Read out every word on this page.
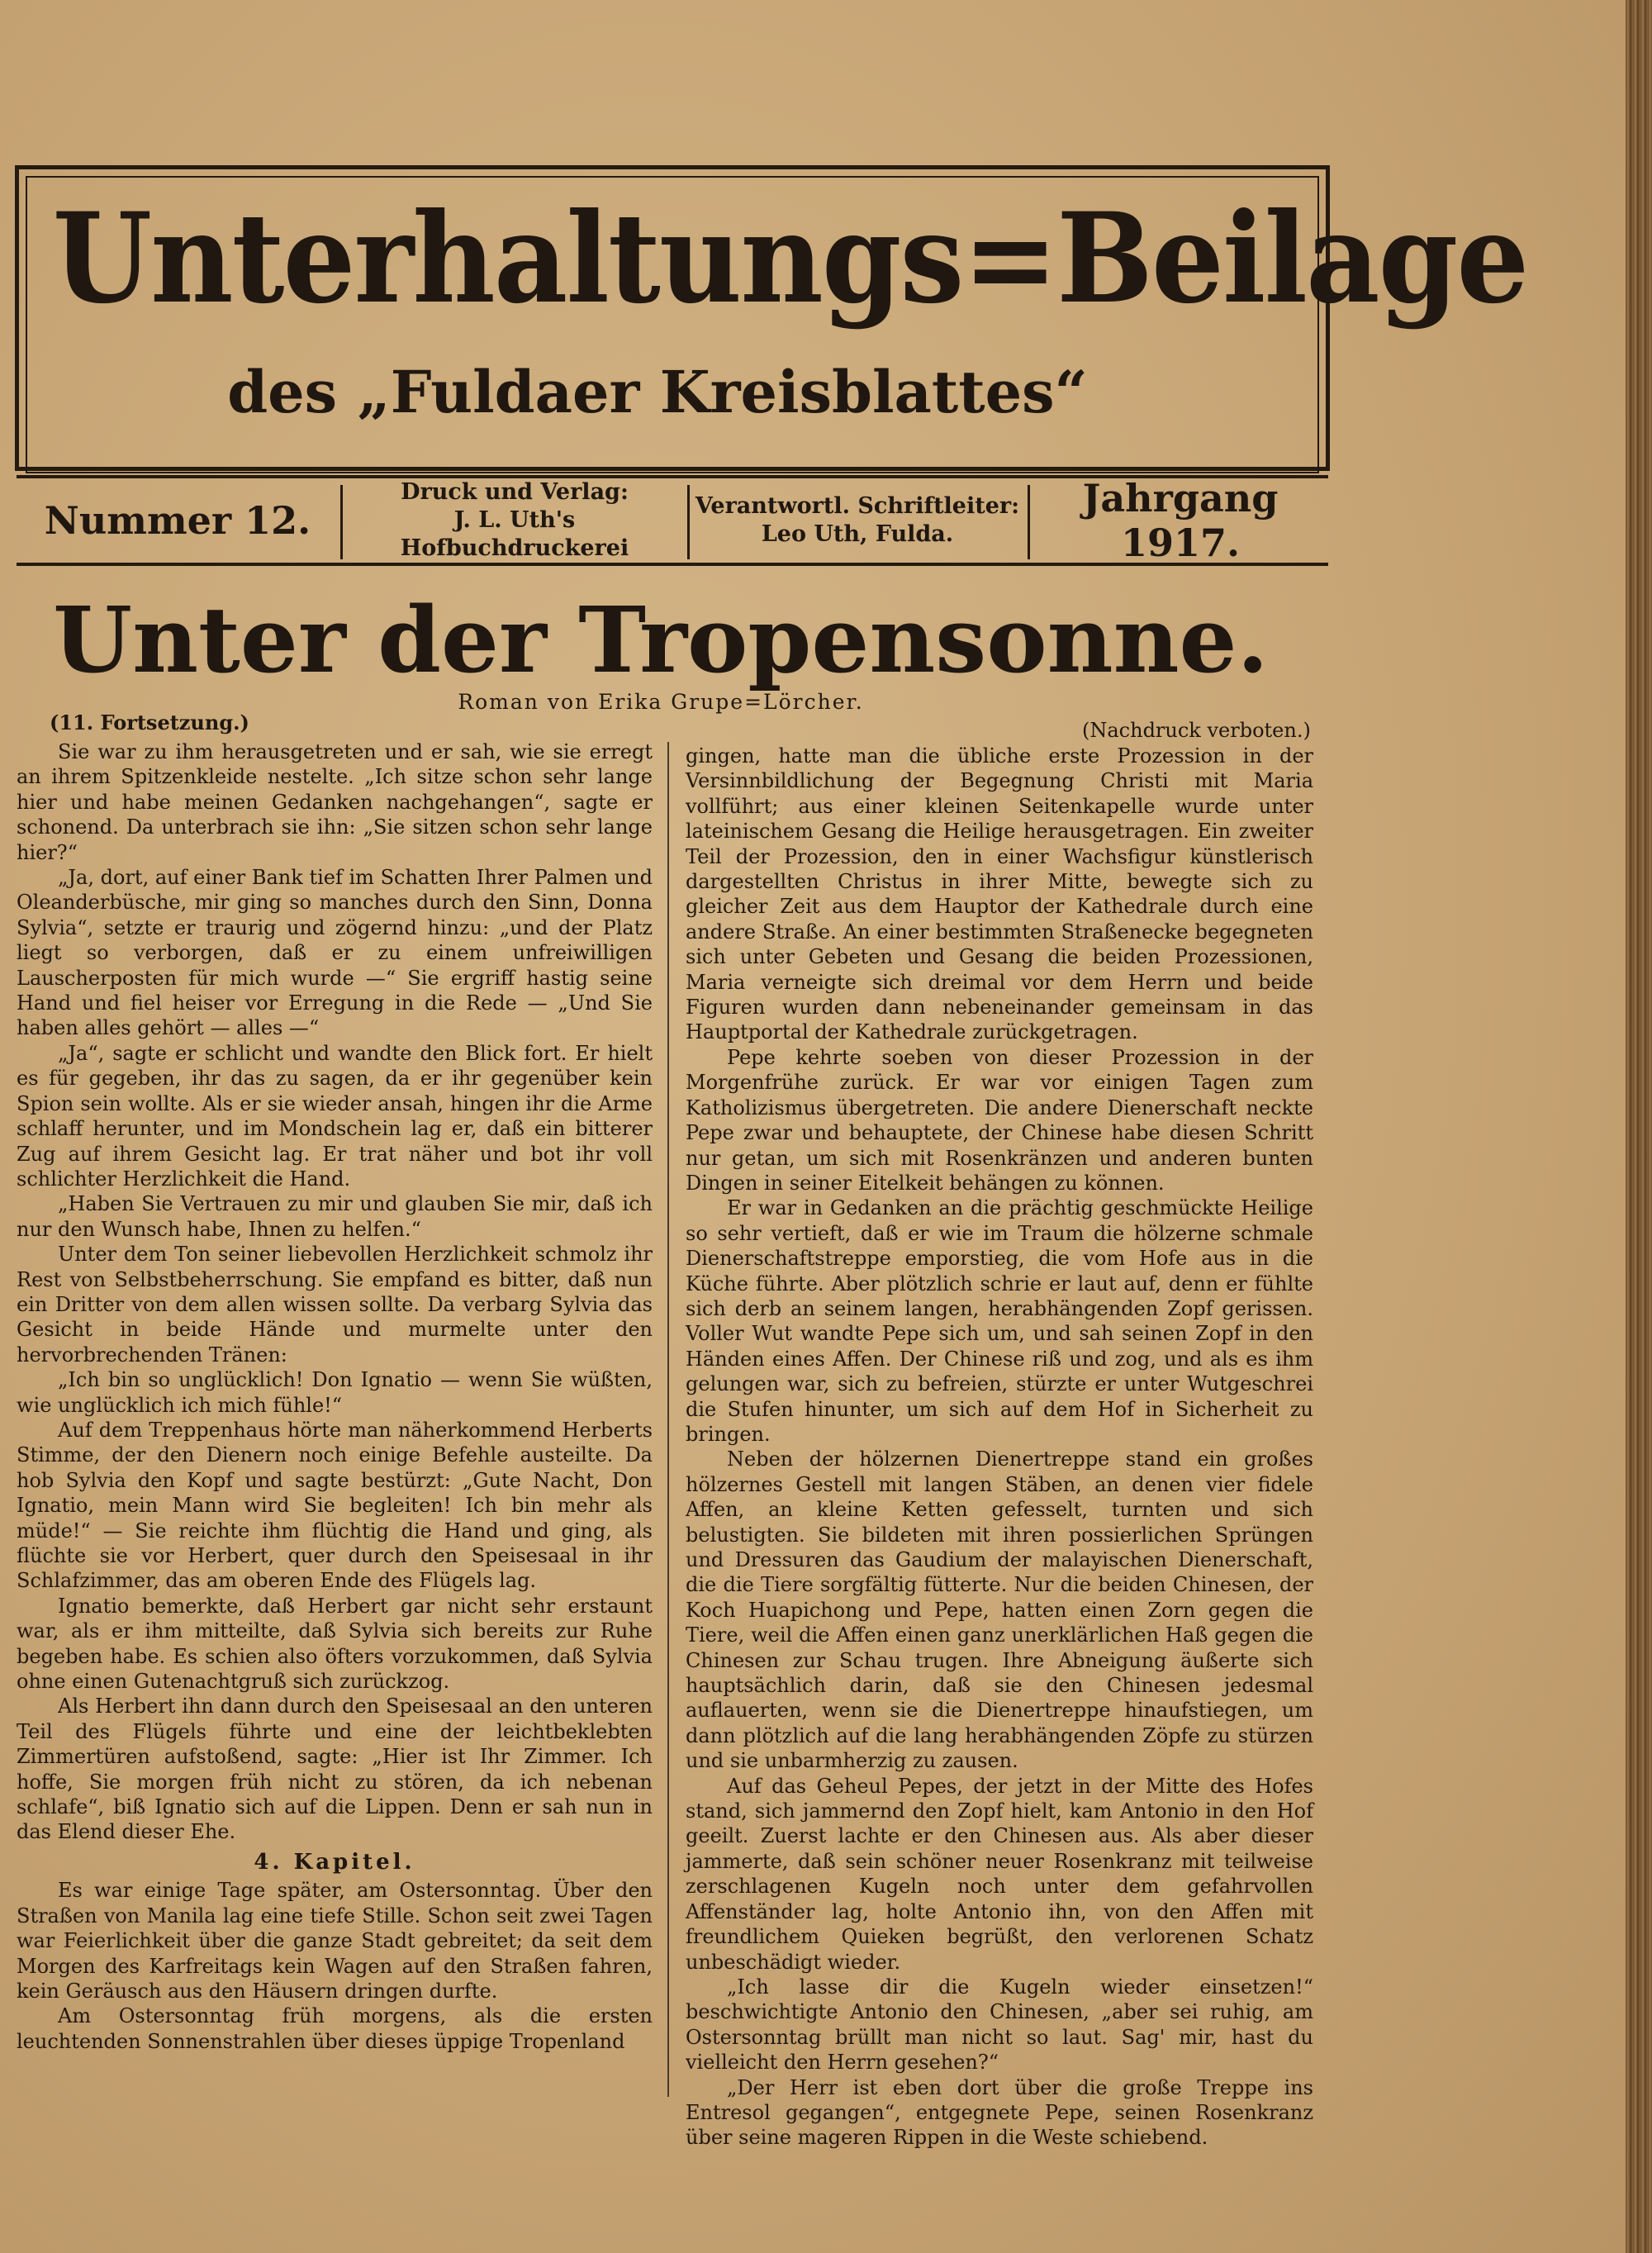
Unterhaltungs=Beilage
des „Fuldaer Kreisblattes“
Nummer 12.
Druck und Verlag:
J. L. Uth's Hofbuchdruckerei
Verantwortl. Schriftleiter:
Leo Uth, Fulda.
Jahrgang 1917.
Unter der Tropensonne.
Roman von Erika Grupe=Lörcher.
(11. Fortsetzung.)	(Nachdruck verboten.)

Sie war zu ihm herausgetreten und er sah, wie sie erregt an ihrem Spitzenkleide nestelte. „Ich sitze schon sehr lange hier und habe meinen Gedanken nachgehangen“, sagte er schonend. Da unterbrach sie ihn: „Sie sitzen schon sehr lange hier?“

„Ja, dort, auf einer Bank tief im Schatten Ihrer Palmen und Oleanderbüsche, mir ging so manches durch den Sinn, Donna Sylvia“, setzte er traurig und zögernd hinzu: „und der Platz liegt so verborgen, daß er zu einem unfreiwilligen Lauscherposten für mich wurde —“ Sie ergriff hastig seine Hand und fiel heiser vor Erregung in die Rede — „Und Sie haben alles gehört — alles —“

„Ja“, sagte er schlicht und wandte den Blick fort. Er hielt es für gegeben, ihr das zu sagen, da er ihr gegenüber kein Spion sein wollte. Als er sie wieder ansah, hingen ihr die Arme schlaff herunter, und im Mondschein lag er, daß ein bitterer Zug auf ihrem Gesicht lag. Er trat näher und bot ihr voll schlichter Herzlichkeit die Hand.

„Haben Sie Vertrauen zu mir und glauben Sie mir, daß ich nur den Wunsch habe, Ihnen zu helfen.“

Unter dem Ton seiner liebevollen Herzlichkeit schmolz ihr Rest von Selbstbeherrschung. Sie empfand es bitter, daß nun ein Dritter von dem allen wissen sollte. Da verbarg Sylvia das Gesicht in beide Hände und murmelte unter den hervorbrechenden Tränen:

„Ich bin so unglücklich! Don Ignatio — wenn Sie wüßten, wie unglücklich ich mich fühle!“

Auf dem Treppenhaus hörte man näherkommend Herberts Stimme, der den Dienern noch einige Befehle austeilte. Da hob Sylvia den Kopf und sagte bestürzt: „Gute Nacht, Don Ignatio, mein Mann wird Sie begleiten! Ich bin mehr als müde!“ — Sie reichte ihm flüchtig die Hand und ging, als flüchte sie vor Herbert, quer durch den Speisesaal in ihr Schlafzimmer, das am oberen Ende des Flügels lag.

Ignatio bemerkte, daß Herbert gar nicht sehr erstaunt war, als er ihm mitteilte, daß Sylvia sich bereits zur Ruhe begeben habe. Es schien also öfters vorzukommen, daß Sylvia ohne einen Gutenachtgruß sich zurückzog.

Als Herbert ihn dann durch den Speisesaal an den unteren Teil des Flügels führte und eine der leichtbeklebten Zimmertüren aufstoßend, sagte: „Hier ist Ihr Zimmer. Ich hoffe, Sie morgen früh nicht zu stören, da ich nebenan schlafe“, biß Ignatio sich auf die Lippen. Denn er sah nun in das Elend dieser Ehe.

4. Kapitel.

Es war einige Tage später, am Ostersonntag. Über den Straßen von Manila lag eine tiefe Stille. Schon seit zwei Tagen war Feierlichkeit über die ganze Stadt gebreitet; da seit dem Morgen des Karfreitags kein Wagen auf den Straßen fahren, kein Geräusch aus den Häusern dringen durfte.

Am Ostersonntag früh morgens, als die ersten leuchtenden Sonnenstrahlen über dieses üppige Tropenland

gingen, hatte man die übliche erste Prozession in der Versinnbildlichung der Begegnung Christi mit Maria vollführt; aus einer kleinen Seitenkapelle wurde unter lateinischem Gesang die Heilige herausgetragen. Ein zweiter Teil der Prozession, den in einer Wachsfigur künstlerisch dargestellten Christus in ihrer Mitte, bewegte sich zu gleicher Zeit aus dem Hauptor der Kathedrale durch eine andere Straße. An einer bestimmten Straßenecke begegneten sich unter Gebeten und Gesang die beiden Prozessionen, Maria verneigte sich dreimal vor dem Herrn und beide Figuren wurden dann nebeneinander gemeinsam in das Hauptportal der Kathedrale zurückgetragen.

Pepe kehrte soeben von dieser Prozession in der Morgenfrühe zurück. Er war vor einigen Tagen zum Katholizismus übergetreten. Die andere Dienerschaft neckte Pepe zwar und behauptete, der Chinese habe diesen Schritt nur getan, um sich mit Rosenkränzen und anderen bunten Dingen in seiner Eitelkeit behängen zu können.

Er war in Gedanken an die prächtig geschmückte Heilige so sehr vertieft, daß er wie im Traum die hölzerne schmale Dienerschaftstreppe emporstieg, die vom Hofe aus in die Küche führte. Aber plötzlich schrie er laut auf, denn er fühlte sich derb an seinem langen, herabhängenden Zopf gerissen. Voller Wut wandte Pepe sich um, und sah seinen Zopf in den Händen eines Affen. Der Chinese riß und zog, und als es ihm gelungen war, sich zu befreien, stürzte er unter Wutgeschrei die Stufen hinunter, um sich auf dem Hof in Sicherheit zu bringen.

Neben der hölzernen Dienertreppe stand ein großes hölzernes Gestell mit langen Stäben, an denen vier fidele Affen, an kleine Ketten gefesselt, turnten und sich belustigten. Sie bildeten mit ihren possierlichen Sprüngen und Dressuren das Gaudium der malayischen Dienerschaft, die die Tiere sorgfältig fütterte. Nur die beiden Chinesen, der Koch Huapichong und Pepe, hatten einen Zorn gegen die Tiere, weil die Affen einen ganz unerklärlichen Haß gegen die Chinesen zur Schau trugen. Ihre Abneigung äußerte sich hauptsächlich darin, daß sie den Chinesen jedesmal auflauerten, wenn sie die Dienertreppe hinaufstiegen, um dann plötzlich auf die lang herabhängenden Zöpfe zu stürzen und sie unbarmherzig zu zausen.

Auf das Geheul Pepes, der jetzt in der Mitte des Hofes stand, sich jammernd den Zopf hielt, kam Antonio in den Hof geeilt. Zuerst lachte er den Chinesen aus. Als aber dieser jammerte, daß sein schöner neuer Rosenkranz mit teilweise zerschlagenen Kugeln noch unter dem gefahrvollen Affenständer lag, holte Antonio ihn, von den Affen mit freundlichem Quieken begrüßt, den verlorenen Schatz unbeschädigt wieder.

„Ich lasse dir die Kugeln wieder einsetzen!“ beschwichtigte Antonio den Chinesen, „aber sei ruhig, am Ostersonntag brüllt man nicht so laut. Sag' mir, hast du vielleicht den Herrn gesehen?“

„Der Herr ist eben dort über die große Treppe ins Entresol gegangen“, entgegnete Pepe, seinen Rosenkranz über seine mageren Rippen in die Weste schiebend.
